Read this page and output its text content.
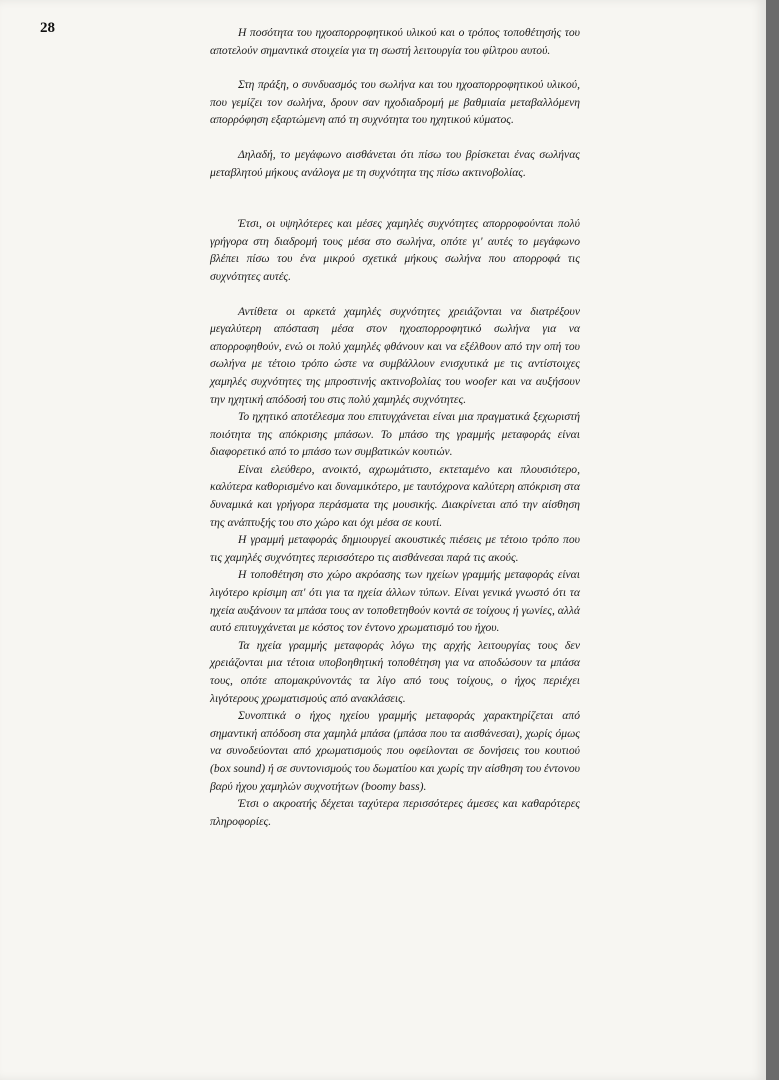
28	Η ποσότητα του ηχοαπορροφητικού υλικού και ο τρόπος τοποθέτησής του αποτελούν σημαντικά στοιχεία για τη σωστή λειτουργία του φίλτρου αυτού.

Στη πράξη, ο συνδυασμός του σωλήνα και του ηχοαπορροφητικού υλικού, που γεμίζει τον σωλήνα, δρουν σαν ηχοδιαδρομή με βαθμιαία μεταβαλλόμενη απορρόφηση εξαρτώμενη από τη συχνότητα του ηχητικού κύματος.

Δηλαδή, το μεγάφωνο αισθάνεται ότι πίσω του βρίσκεται ένας σωλήνας μεταβλητού μήκους ανάλογα με τη συχνότητα της πίσω ακτινοβολίας.

Έτσι, οι υψηλότερες και μέσες χαμηλές συχνότητες απορροφούνται πολύ γρήγορα στη διαδρομή τους μέσα στο σωλήνα, οπότε γι' αυτές το μεγάφωνο βλέπει πίσω του ένα μικρού σχετικά μήκους σωλήνα που απορροφά τις συχνότητες αυτές.

Αντίθετα οι αρκετά χαμηλές συχνότητες χρειάζονται να διατρέξουν μεγαλύτερη απόσταση μέσα στον ηχοαπορροφητικό σωλήνα για να απορροφηθούν, ενώ οι πολύ χαμηλές φθάνουν και να εξέλθουν από την οπή του σωλήνα με τέτοιο τρόπο ώστε να συμβάλλουν ενισχυτικά με τις αντίστοιχες χαμηλές συχνότητες της μπροστινής ακτινοβολίας του woofer και να αυξήσουν την ηχητική απόδοσή του στις πολύ χαμηλές συχνότητες.

Το ηχητικό αποτέλεσμα που επιτυγχάνεται είναι μια πραγματικά ξεχωριστή ποιότητα της απόκρισης μπάσων. Το μπάσο της γραμμής μεταφοράς είναι διαφορετικό από το μπάσο των συμβατικών κουτιών.

Είναι ελεύθερο, ανοικτό, αχρωμάτιστο, εκτεταμένο και πλουσιότερο, καλύτερα καθορισμένο και δυναμικότερο, με ταυτόχρονα καλύτερη απόκριση στα δυναμικά και γρήγορα περάσματα της μουσικής. Διακρίνεται από την αίσθηση της ανάπτυξής του στο χώρο και όχι μέσα σε κουτί.

Η γραμμή μεταφοράς δημιουργεί ακουστικές πιέσεις με τέτοιο τρόπο που τις χαμηλές συχνότητες περισσότερο τις αισθάνεσαι παρά τις ακούς.

Η τοποθέτηση στο χώρο ακρόασης των ηχείων γραμμής μεταφοράς είναι λιγότερο κρίσιμη απ' ότι για τα ηχεία άλλων τύπων. Είναι γενικά γνωστό ότι τα ηχεία αυξάνουν τα μπάσα τους αν τοποθετηθούν κοντά σε τοίχους ή γωνίες, αλλά αυτό επιτυγχάνεται με κόστος τον έντονο χρωματισμό του ήχου.

Τα ηχεία γραμμής μεταφοράς λόγω της αρχής λειτουργίας τους δεν χρειάζονται μια τέτοια υποβοηθητική τοποθέτηση για να αποδώσουν τα μπάσα τους, οπότε απομακρύνοντάς τα λίγο από τους τοίχους, ο ήχος περιέχει λιγότερους χρωματισμούς από ανακλάσεις.

Συνοπτικά ο ήχος ηχείου γραμμής μεταφοράς χαρακτηρίζεται από σημαντική απόδοση στα χαμηλά μπάσα (μπάσα που τα αισθάνεσαι), χωρίς όμως να συνοδεύονται από χρωματισμούς που οφείλονται σε δονήσεις του κουτιού (box sound) ή σε συντονισμούς του δωματίου και χωρίς την αίσθηση του έντονου βαρύ ήχου χαμηλών συχνοτήτων (boomy bass).

Έτσι ο ακροατής δέχεται ταχύτερα περισσότερες άμεσες και καθαρότερες πληροφορίες.
